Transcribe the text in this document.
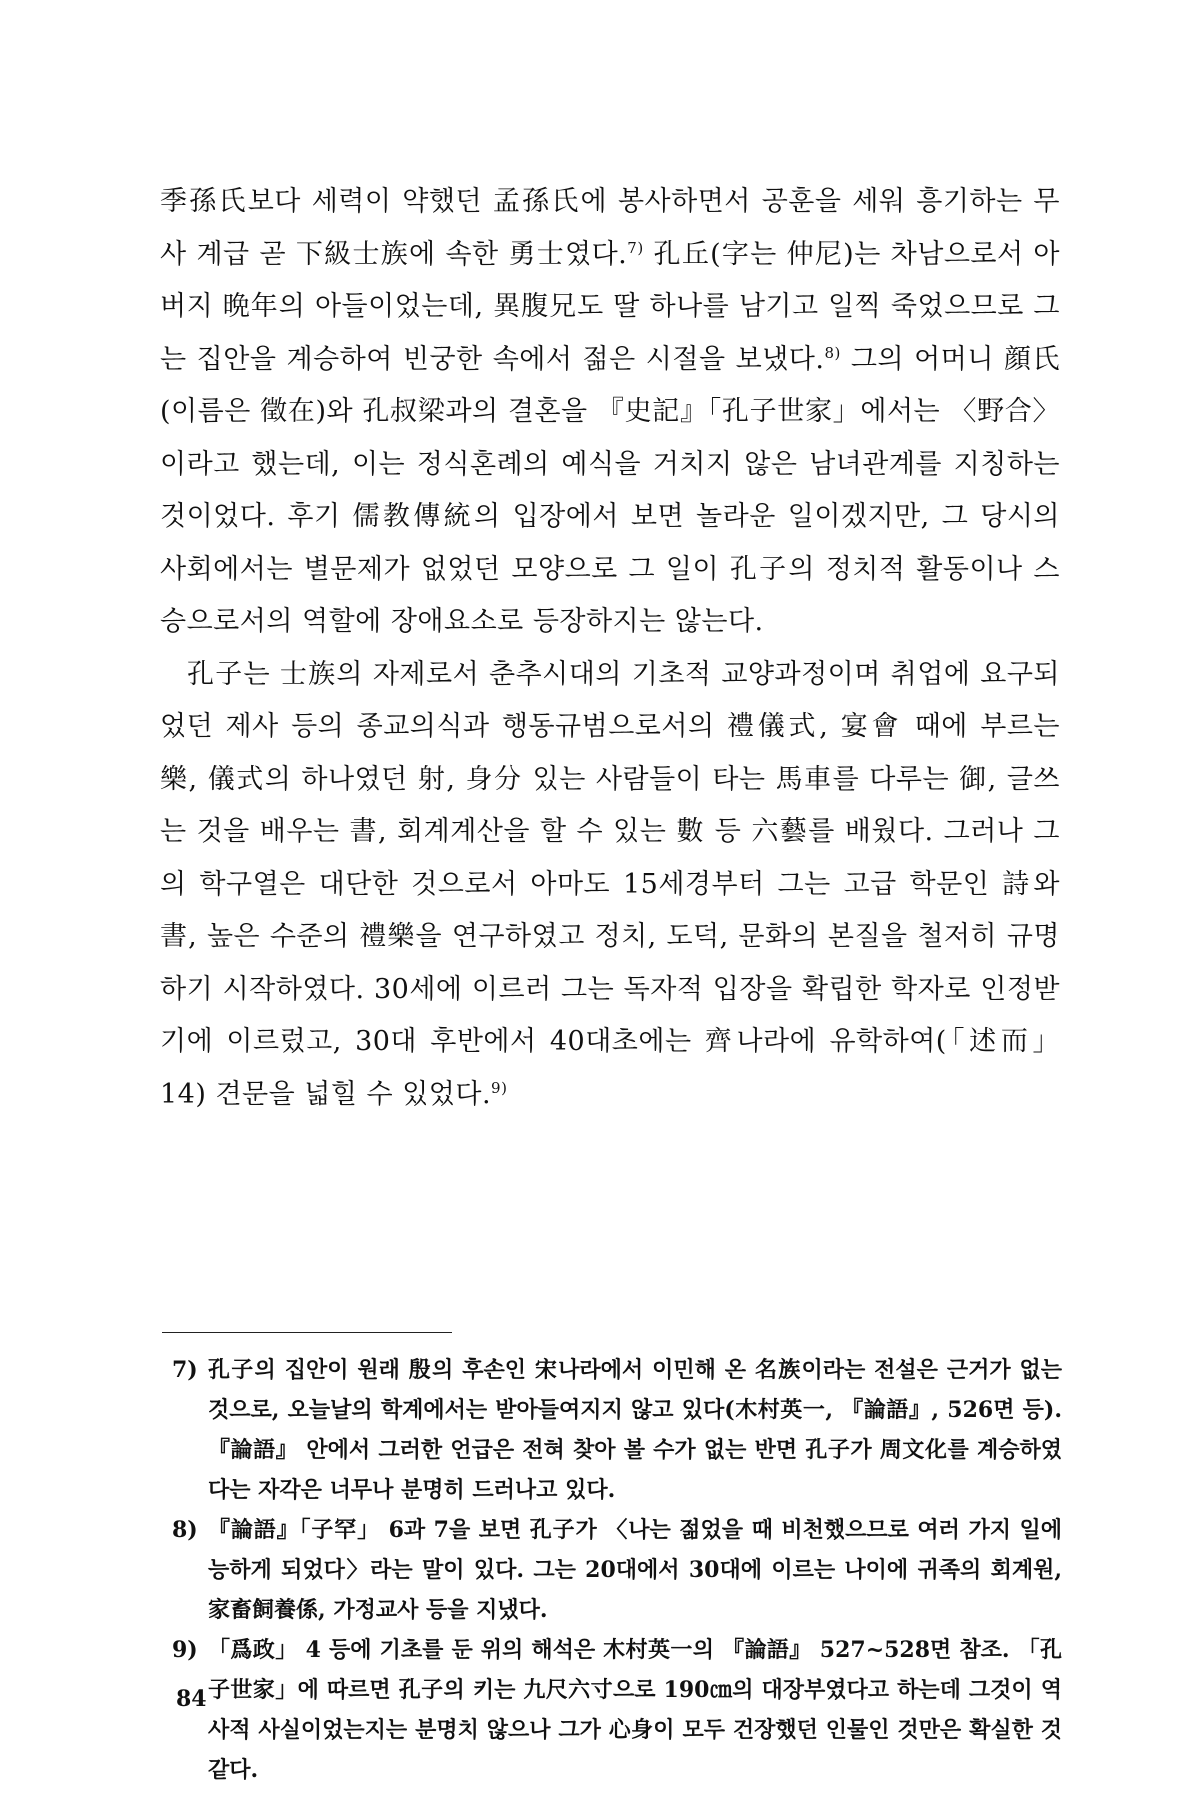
季孫氏보다 세력이 약했던 孟孫氏에 봉사하면서 공훈을 세워 흥기하는 무사 계급 곧 下級士族에 속한 勇士였다.$^{7)}$ 孔丘(字는 仲尼)는 차남으로서 아버지 晩年의 아들이었는데, 異腹兄도 딸 하나를 남기고 일찍 죽었으므로 그는 집안을 계승하여 빈궁한 속에서 젊은 시절을 보냈다.$^{8)}$ 그의 어머니 顔氏(이름은 徵在)와 孔叔梁과의 결혼을 『史記』「孔子世家」에서는 〈野合〉이라고 했는데, 이는 정식혼례의 예식을 거치지 않은 남녀관계를 지칭하는 것이었다. 후기 儒教傳統의 입장에서 보면 놀라운 일이겠지만, 그 당시의 사회에서는 별문제가 없었던 모양으로 그 일이 孔子의 정치적 활동이나 스승으로서의 역할에 장애요소로 등장하지는 않는다.

孔子는 士族의 자제로서 춘추시대의 기초적 교양과정이며 취업에 요구되었던 제사 등의 종교의식과 행동규범으로서의 禮儀式, 宴會 때에 부르는 樂, 儀式의 하나였던 射, 身分 있는 사람들이 타는 馬車를 다루는 御, 글쓰는 것을 배우는 書, 회계계산을 할 수 있는 數 등 六藝를 배웠다. 그러나 그의 학구열은 대단한 것으로서 아마도 15세경부터 그는 고급 학문인 詩와 書, 높은 수준의 禮樂을 연구하였고 정치, 도덕, 문화의 본질을 철저히 규명하기 시작하였다. 30세에 이르러 그는 독자적 입장을 확립한 학자로 인정받기에 이르렀고, 30대 후반에서 40대초에는 齊나라에 유학하여(「述而」 14) 견문을 넓힐 수 있었다.$^{9)}$

7) 孔子의 집안이 원래 殷의 후손인 宋나라에서 이민해 온 名族이라는 전설은 근거가 없는 것으로, 오늘날의 학계에서는 받아들여지지 않고 있다(木村英一, 『論語』, 526면 등). 『論語』 안에서 그러한 언급은 전혀 찾아 볼 수가 없는 반면 孔子가 周文化를 계승하였다는 자각은 너무나 분명히 드러나고 있다.

8) 『論語』「子罕」 6과 7을 보면 孔子가 〈나는 젊었을 때 비천했으므로 여러 가지 일에 능하게 되었다〉라는 말이 있다. 그는 20대에서 30대에 이르는 나이에 귀족의 회계원, 家畜飼養係, 가정교사 등을 지냈다.

9) 「爲政」 4 등에 기초를 둔 위의 해석은 木村英一의 『論語』 527~528면 참조. 「孔子世家」에 따르면 孔子의 키는 九尺六寸으로 190㎝의 대장부였다고 하는데 그것이 역사적 사실이었는지는 분명치 않으나 그가 心身이 모두 건장했던 인물인 것만은 확실한 것 같다.

84
